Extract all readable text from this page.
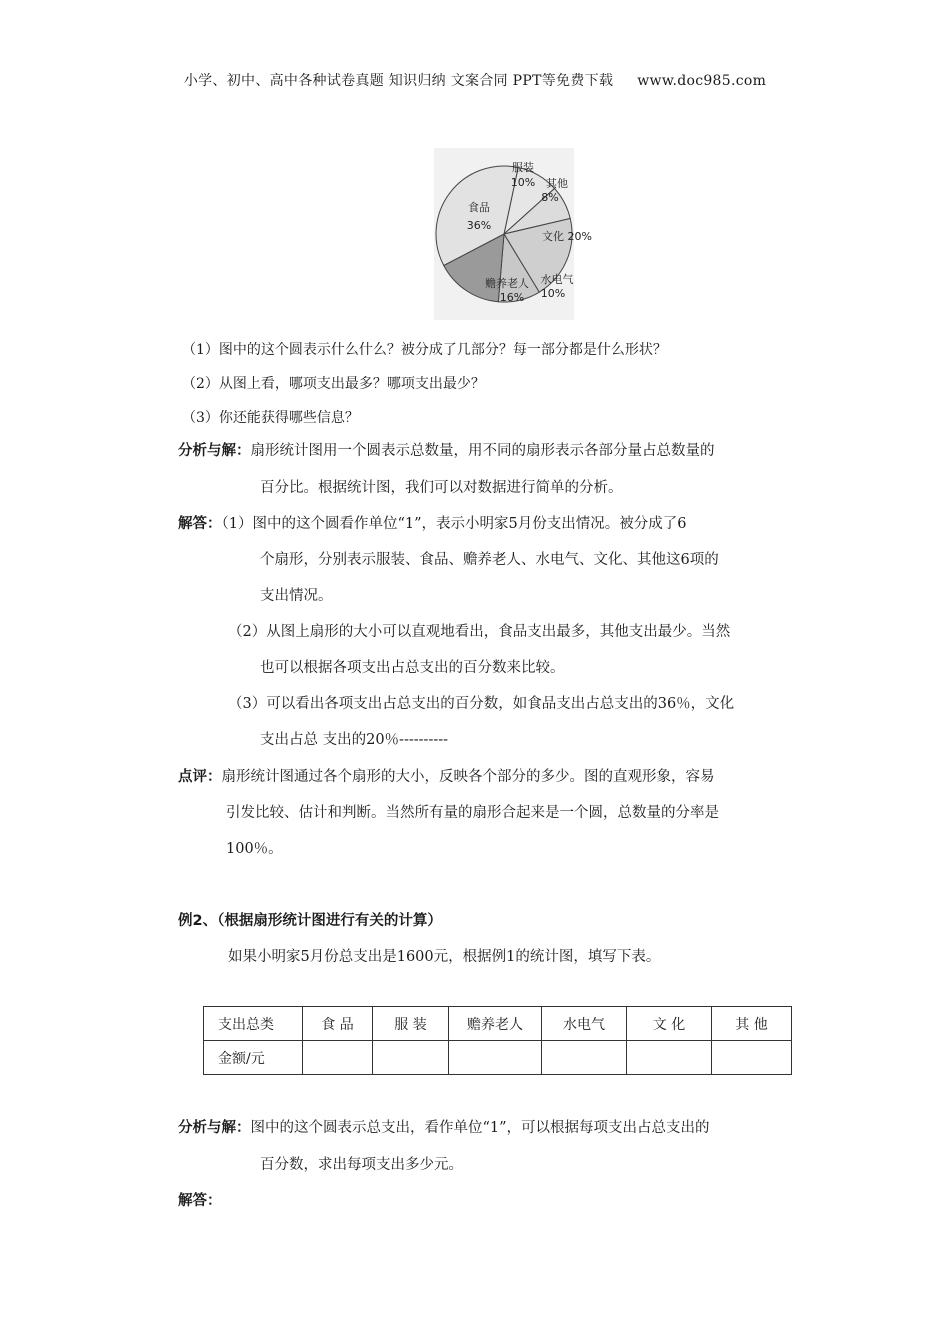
小学、初中、高中各种试卷真题 知识归纳 文案合同 PPT等免费下载 www.doc985.com
服装
10% 其他
8%
文化 20%
水电气
10%
赡养老人
16%
食品
36%
（1）图中的这个圆表示什么什么？被分成了几部分？每一部分都是什么形状？
（2）从图上看，哪项支出最多？哪项支出最少？
（3）你还能获得哪些信息？
分析与解：扇形统计图用一个圆表示总数量，用不同的扇形表示各部分量占总数量的
百分比。根据统计图，我们可以对数据进行简单的分析。
解答：（1）图中的这个圆看作单位“1”，表示小明家5月份支出情况。被分成了6
个扇形，分别表示服装、食品、赡养老人、水电气、文化、其他这6项的
支出情况。
（2）从图上扇形的大小可以直观地看出，食品支出最多，其他支出最少。当然
也可以根据各项支出占总支出的百分数来比较。
（3）可以看出各项支出占总支出的百分数，如食品支出占总支出的36％，文化
支出占总 支出的20％----------
点评：扇形统计图通过各个扇形的大小，反映各个部分的多少。图的直观形象，容易
引发比较、估计和判断。当然所有量的扇形合起来是一个圆，总数量的分率是
100％。
例2、（根据扇形统计图进行有关的计算）
如果小明家5月份总支出是1600元，根据例1的统计图，填写下表。
支出总类	食 品	服 装	赡养老人	水电气	文 化	其 他
金额/元						
分析与解：图中的这个圆表示总支出，看作单位“1”，可以根据每项支出占总支出的
百分数，求出每项支出多少元。
解答：
